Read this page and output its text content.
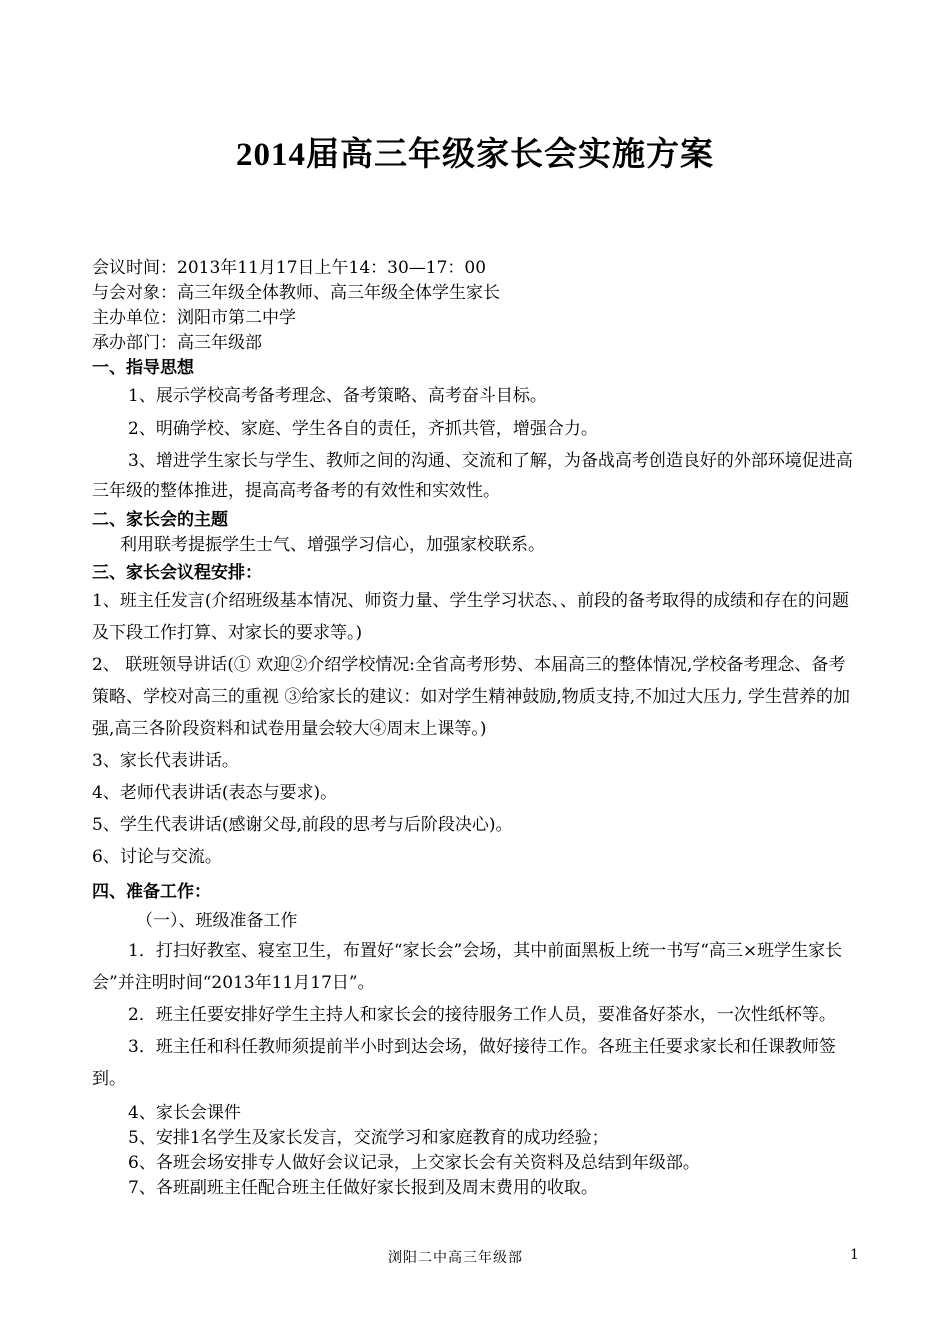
2014届高三年级家长会实施方案

会议时间：2013年11月17日上午14：30—17：00

与会对象：高三年级全体教师、高三年级全体学生家长

主办单位：浏阳市第二中学

承办部门：高三年级部

一、指导思想

1、展示学校高考备考理念、备考策略、高考奋斗目标。

2、明确学校、家庭、学生各自的责任，齐抓共管，增强合力。

3、增进学生家长与学生、教师之间的沟通、交流和了解，为备战高考创造良好的外部环境促进高三年级的整体推进，提高高考备考的有效性和实效性。

二、家长会的主题

利用联考提振学生士气、增强学习信心，加强家校联系。

三、家长会议程安排：

1、班主任发言(介绍班级基本情况、师资力量、学生学习状态、、前段的备考取得的成绩和存在的问题及下段工作打算、对家长的要求等。)

2、 联班领导讲话(① 欢迎②介绍学校情况:全省高考形势、本届高三的整体情况,学校备考理念、备考策略、学校对高三的重视 ③给家长的建议：如对学生精神鼓励,物质支持,不加过大压力, 学生营养的加强,高三各阶段资料和试卷用量会较大④周末上课等。)

3、家长代表讲话。

4、老师代表讲话(表态与要求)。

5、学生代表讲话(感谢父母,前段的思考与后阶段决心)。

6、讨论与交流。

四、准备工作：

（一）、班级准备工作

1．打扫好教室、寝室卫生，布置好“家长会”会场，其中前面黑板上统一书写“高三×班学生家长会”并注明时间“2013年11月17日”。

2．班主任要安排好学生主持人和家长会的接待服务工作人员，要准备好茶水，一次性纸杯等。

3．班主任和科任教师须提前半小时到达会场，做好接待工作。各班主任要求家长和任课教师签到。

4、家长会课件

5、安排1名学生及家长发言，交流学习和家庭教育的成功经验；

6、各班会场安排专人做好会议记录，上交家长会有关资料及总结到年级部。

7、各班副班主任配合班主任做好家长报到及周末费用的收取。

浏阳二中高三年级部	1
